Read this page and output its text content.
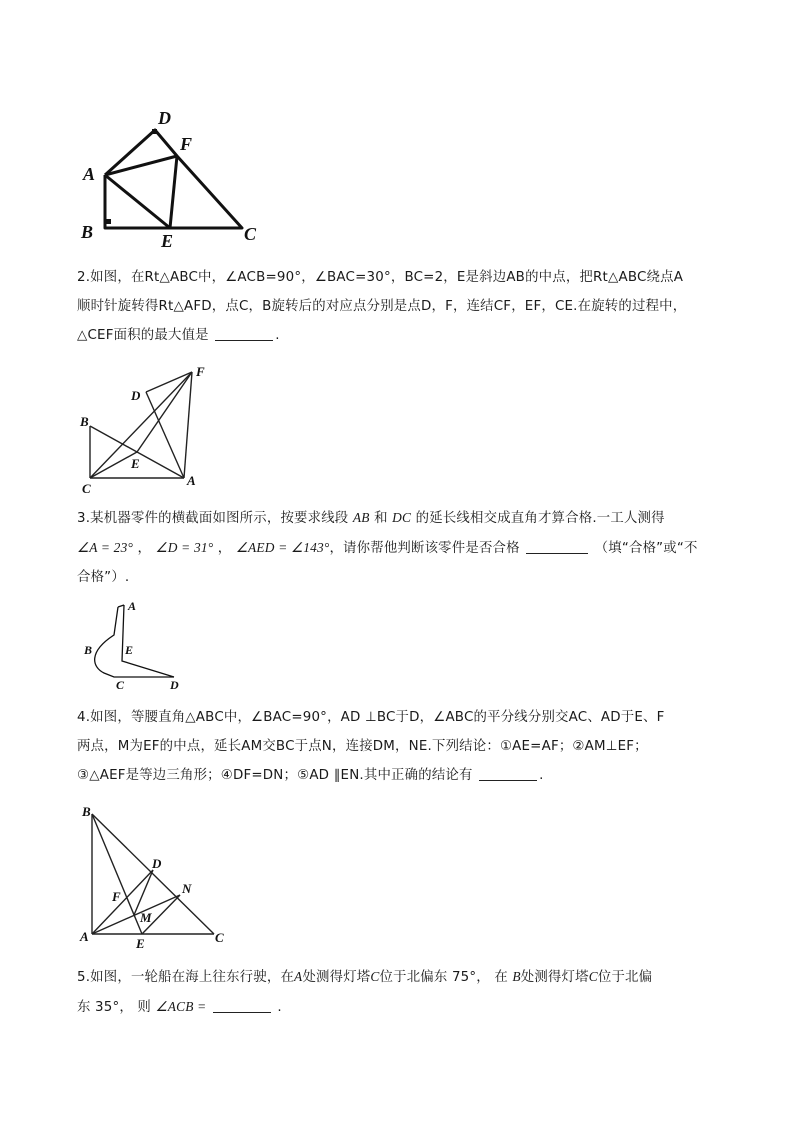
D
F
A
B	E	C

2.如图，在Rt△ABC中，∠ACB=90°，∠BAC=30°，BC=2，E是斜边AB的中点，把Rt△ABC绕点A

顺时针旋转得Rt△AFD，点C，B旋转后的对应点分别是点D，F，连结CF，EF，CE.在旋转的过程中，

△CEF面积的最大值是	.

F
D
B
E
C
A

3.某机器零件的横截面如图所示，按要求线段 AB 和 DC 的延长线相交成直角才算合格.一工人测得

∠A = 23° ， ∠D = 31° ， ∠AED = ∠143°，请你帮他判断该零件是否合格	（填“合格”或“不

合格”）.

A
B	E
C	D

4.如图，等腰直角△ABC中，∠BAC=90°，AD ⊥BC于D，∠ABC的平分线分别交AC、AD于E、F

两点，M为EF的中点，延长AM交BC于点N，连接DM，NE.下列结论：①AE=AF；②AM⊥EF；

③△AEF是等边三角形；④DF=DN；⑤AD ∥EN.其中正确的结论有	.

B
D
N
F
M
A	E	C

5.如图，一轮船在海上往东行驶，在A处测得灯塔C位于北偏东 75°， 在 B处测得灯塔C位于北偏

东 35°， 则 ∠ACB =	.
